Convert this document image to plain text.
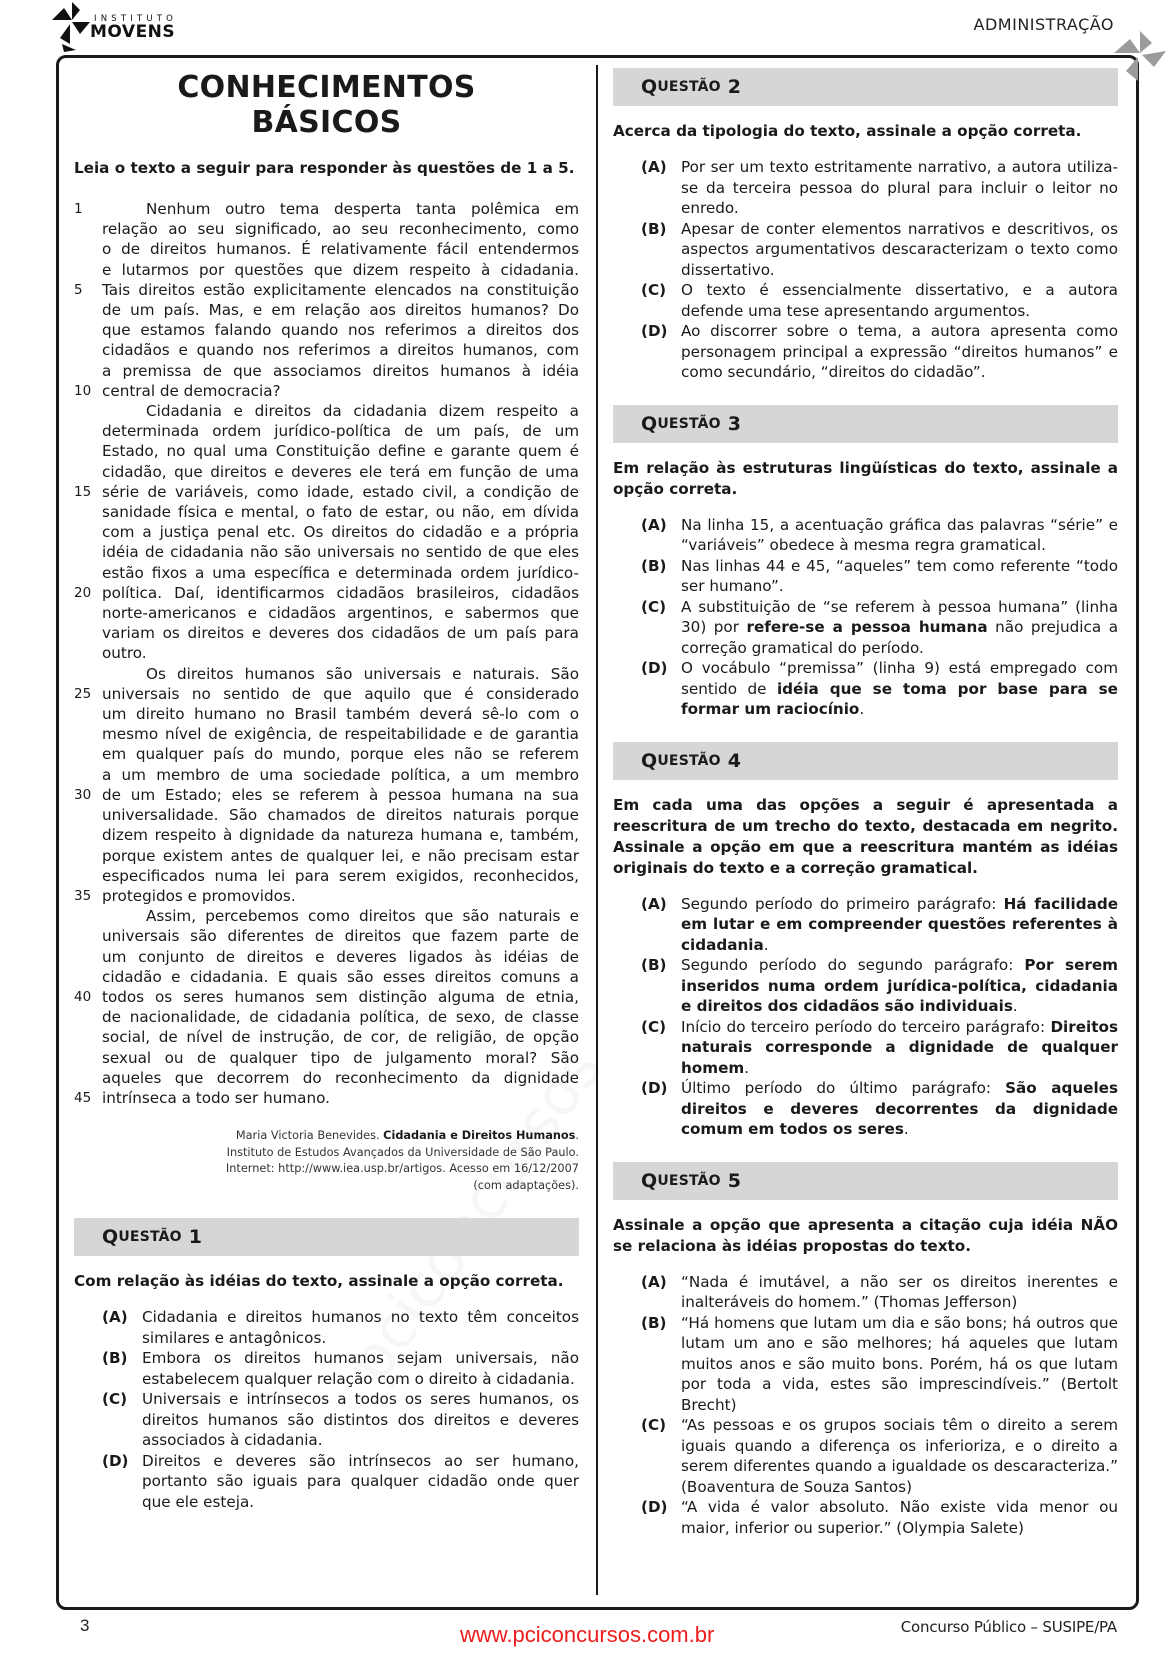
INSTITUTO
MOVENS	ADMINISTRAÇÃO
CONHECIMENTOS
BÁSICOS
Leia o texto a seguir para responder às questões de 1 a 5.
1	Nenhum outro tema desperta tanta polêmica em
relação ao seu significado, ao seu reconhecimento, como
o de direitos humanos. É relativamente fácil entendermos
e lutarmos por questões que dizem respeito à cidadania.
5	Tais direitos estão explicitamente elencados na constituição
de um país. Mas, e em relação aos direitos humanos? Do
que estamos falando quando nos referimos a direitos dos
cidadãos e quando nos referimos a direitos humanos, com
a premissa de que associamos direitos humanos à idéia
10 central de democracia?
Cidadania e direitos da cidadania dizem respeito a
determinada ordem jurídico-política de um país, de um
Estado, no qual uma Constituição define e garante quem é
cidadão, que direitos e deveres ele terá em função de uma
15 série de variáveis, como idade, estado civil, a condição de
sanidade física e mental, o fato de estar, ou não, em dívida
com a justiça penal etc. Os direitos do cidadão e a própria
idéia de cidadania não são universais no sentido de que eles
estão fixos a uma específica e determinada ordem jurídico-
20 política. Daí, identificarmos cidadãos brasileiros, cidadãos
norte-americanos e cidadãos argentinos, e sabermos que
variam os direitos e deveres dos cidadãos de um país para
outro.
Os direitos humanos são universais e naturais. São
25 universais no sentido de que aquilo que é considerado
um direito humano no Brasil também deverá sê-lo com o
mesmo nível de exigência, de respeitabilidade e de garantia
em qualquer país do mundo, porque eles não se referem
a um membro de uma sociedade política, a um membro
30 de um Estado; eles se referem à pessoa humana na sua
universalidade. São chamados de direitos naturais porque
dizem respeito à dignidade da natureza humana e, também,
porque existem antes de qualquer lei, e não precisam estar
especificados numa lei para serem exigidos, reconhecidos,
35 protegidos e promovidos.
Assim, percebemos como direitos que são naturais e
universais são diferentes de direitos que fazem parte de
um conjunto de direitos e deveres ligados às idéias de
cidadão e cidadania. E quais são esses direitos comuns a
40 todos os seres humanos sem distinção alguma de etnia,
de nacionalidade, de cidadania política, de sexo, de classe
social, de nível de instrução, de cor, de religião, de opção
sexual ou de qualquer tipo de julgamento moral? São
aqueles que decorrem do reconhecimento da dignidade
45 intrínseca a todo ser humano.
Maria Victoria Benevides. Cidadania e Direitos Humanos.
Instituto de Estudos Avançados da Universidade de São Paulo.
Internet: http://www.iea.usp.br/artigos. Acesso em 16/12/2007
(com adaptações).
Q UESTÃO 1
Com relação às idéias do texto, assinale a opção correta.
(A) Cidadania e direitos humanos no texto têm conceitos similares e antagônicos.
(B) Embora os direitos humanos sejam universais, não estabelecem qualquer relação com o direito à cidadania.
(C) Universais e intrínsecos a todos os seres humanos, os direitos humanos são distintos dos direitos e deveres associados à cidadania.
(D) Direitos e deveres são intrínsecos ao ser humano, portanto são iguais para qualquer cidadão onde quer que ele esteja.
Q UESTÃO 2
Acerca da tipologia do texto, assinale a opção correta.
(A) Por ser um texto estritamente narrativo, a autora utiliza-se da terceira pessoa do plural para incluir o leitor no enredo.
(B) Apesar de conter elementos narrativos e descritivos, os aspectos argumentativos descaracterizam o texto como dissertativo.
(C) O texto é essencialmente dissertativo, e a autora defende uma tese apresentando argumentos.
(D) Ao discorrer sobre o tema, a autora apresenta como personagem principal a expressão “direitos humanos” e como secundário, “direitos do cidadão”.
Q UESTÃO 3
Em relação às estruturas lingüísticas do texto, assinale a opção correta.
(A) Na linha 15, a acentuação gráfica das palavras “série” e “variáveis” obedece à mesma regra gramatical.
(B) Nas linhas 44 e 45, “aqueles” tem como referente “todo ser humano”.
(C) A substituição de “se referem à pessoa humana” (linha 30) por refere-se a pessoa humana não prejudica a correção gramatical do período.
(D) O vocábulo “premissa” (linha 9) está empregado com sentido de idéia que se toma por base para se formar um raciocínio.
Q UESTÃO 4
Em cada uma das opções a seguir é apresentada a reescritura de um trecho do texto, destacada em negrito. Assinale a opção em que a reescritura mantém as idéias originais do texto e a correção gramatical.
(A) Segundo período do primeiro parágrafo: Há facilidade em lutar e em compreender questões referentes à cidadania.
(B) Segundo período do segundo parágrafo: Por serem inseridos numa ordem jurídica-política, cidadania e direitos dos cidadãos são individuais.
(C) Início do terceiro período do terceiro parágrafo: Direitos naturais corresponde a dignidade de qualquer homem.
(D) Último período do último parágrafo: São aqueles direitos e deveres decorrentes da dignidade comum em todos os seres.
Q UESTÃO 5
Assinale a opção que apresenta a citação cuja idéia NÃO se relaciona às idéias propostas do texto.
(A) “Nada é imutável, a não ser os direitos inerentes e inalteráveis do homem.” (Thomas Jefferson)
(B) “Há homens que lutam um dia e são bons; há outros que lutam um ano e são melhores; há aqueles que lutam muitos anos e são muito bons. Porém, há os que lutam por toda a vida, estes são imprescindíveis.” (Bertolt Brecht)
(C) “As pessoas e os grupos sociais têm o direito a serem iguais quando a diferença os inferioriza, e o direito a serem diferentes quando a igualdade os descaracteriza.” (Boaventura de Souza Santos)
(D) “A vida é valor absoluto. Não existe vida menor ou maior, inferior ou superior.” (Olympia Salete)
3	www.pciconcursos.com.br	Concurso Público – SUSIPE/PA
